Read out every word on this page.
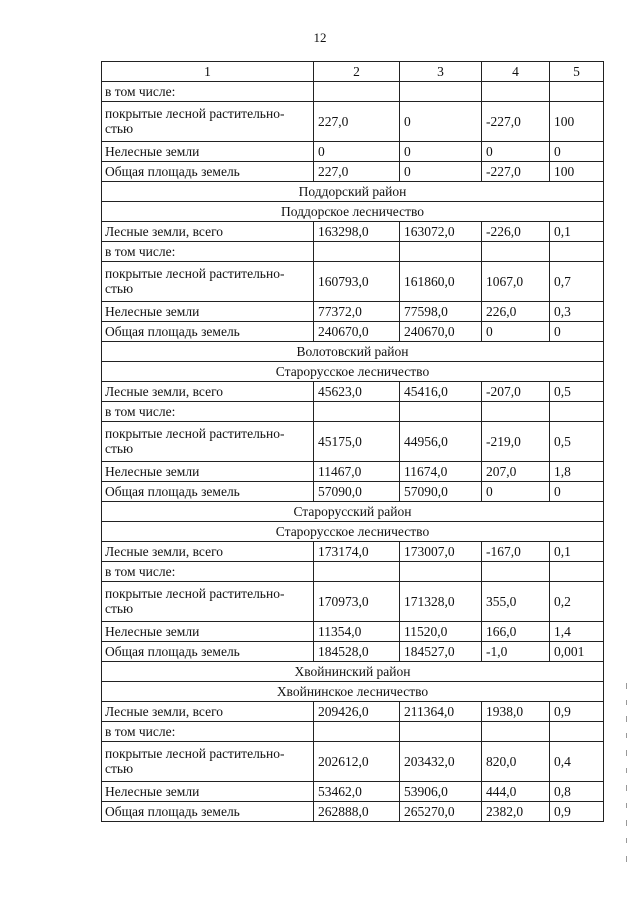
12
1	2	3	4	5
в том числе:				
покрытые лесной растительно-стью	227,0	0	-227,0	100
Нелесные земли	0	0	0	0
Общая площадь земель	227,0	0	-227,0	100
Поддорский район				
Поддорское лесничество				
Лесные земли, всего	163298,0	163072,0	-226,0	0,1
в том числе:				
покрытые лесной растительно-стью	160793,0	161860,0	1067,0	0,7
Нелесные земли	77372,0	77598,0	226,0	0,3
Общая площадь земель	240670,0	240670,0	0	0
Волотовский район				
Старорусское лесничество				
Лесные земли, всего	45623,0	45416,0	-207,0	0,5
в том числе:				
покрытые лесной растительно-стью	45175,0	44956,0	-219,0	0,5
Нелесные земли	11467,0	11674,0	207,0	1,8
Общая площадь земель	57090,0	57090,0	0	0
Старорусский район				
Старорусское лесничество				
Лесные земли, всего	173174,0	173007,0	-167,0	0,1
в том числе:				
покрытые лесной растительно-стью	170973,0	171328,0	355,0	0,2
Нелесные земли	11354,0	11520,0	166,0	1,4
Общая площадь земель	184528,0	184527,0	-1,0	0,001
Хвойнинский район				
Хвойнинское лесничество				
Лесные земли, всего	209426,0	211364,0	1938,0	0,9
в том числе:				
покрытые лесной растительно-стью	202612,0	203432,0	820,0	0,4
Нелесные земли	53462,0	53906,0	444,0	0,8
Общая площадь земель	262888,0	265270,0	2382,0	0,9
